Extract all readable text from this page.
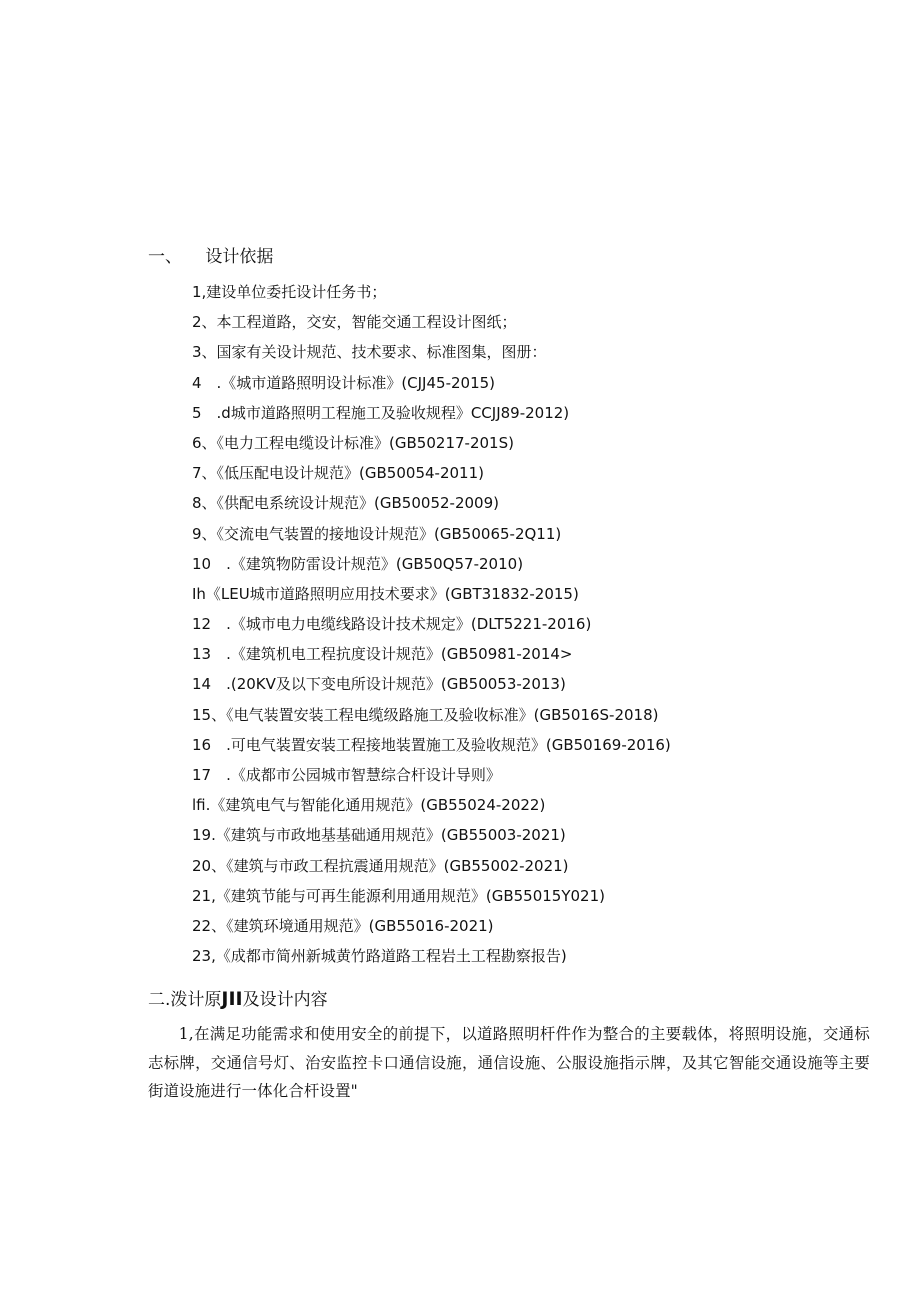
一、 设计依据
1,建设单位委托设计任务书；
2、本工程道路，交安，智能交通工程设计图纸；
3、国家有关设计规范、技术要求、标准图集，图册：
4　.《城市道路照明设计标准》(CJJ45-2015)
5　.d城市道路照明工程施工及验收规程》CCJJ89-2012)
6、《电力工程电缆设计标准》(GB50217-201S)
7、《低压配电设计规范》(GB50054-2011)
8、《供配电系统设计规范》(GB50052-2009)
9、《交流电气装置的接地设计规范》(GB50065-2Q11)
10　.《建筑物防雷设计规范》(GB50Q57-2010)
Ih《LEU城市道路照明应用技术要求》(GBT31832-2015)
12　.《城市电力电缆线路设计技术规定》(DLT5221-2016)
13　.《建筑机电工程抗度设计规范》(GB50981-2014>
14　.(20KV及以下变电所设计规范》(GB50053-2013)
15、《电气装置安装工程电缆级路施工及验收标准》(GB5016S-2018)
16　.可电气装置安装工程接地装置施工及验收规范》(GB50169-2016)
17　.《成都市公园城市智慧综合杆设计导则》
lfi.《建筑电气与智能化通用规范》(GB55024-2022)
19.《建筑与市政地基基础通用规范》(GB55003-2021)
20、《建筑与市政工程抗震通用规范》(GB55002-2021)
21,《建筑节能与可再生能源利用通用规范》(GB55015Y021)
22、《建筑环境通用规范》(GB55016-2021)
23,《成都市简州新城黄竹路道路工程岩土工程勘察报告)
二.泼计原JII及设计内容

1,在满足功能需求和使用安全的前提下，以道路照明杆件作为整合的主要载体，将照明设施，交通标志标牌，交通信号灯、治安监控卡口通信设施，通信设施、公服设施指示牌，及其它智能交通设施等主要街道设施进行一体化合杆设置"
